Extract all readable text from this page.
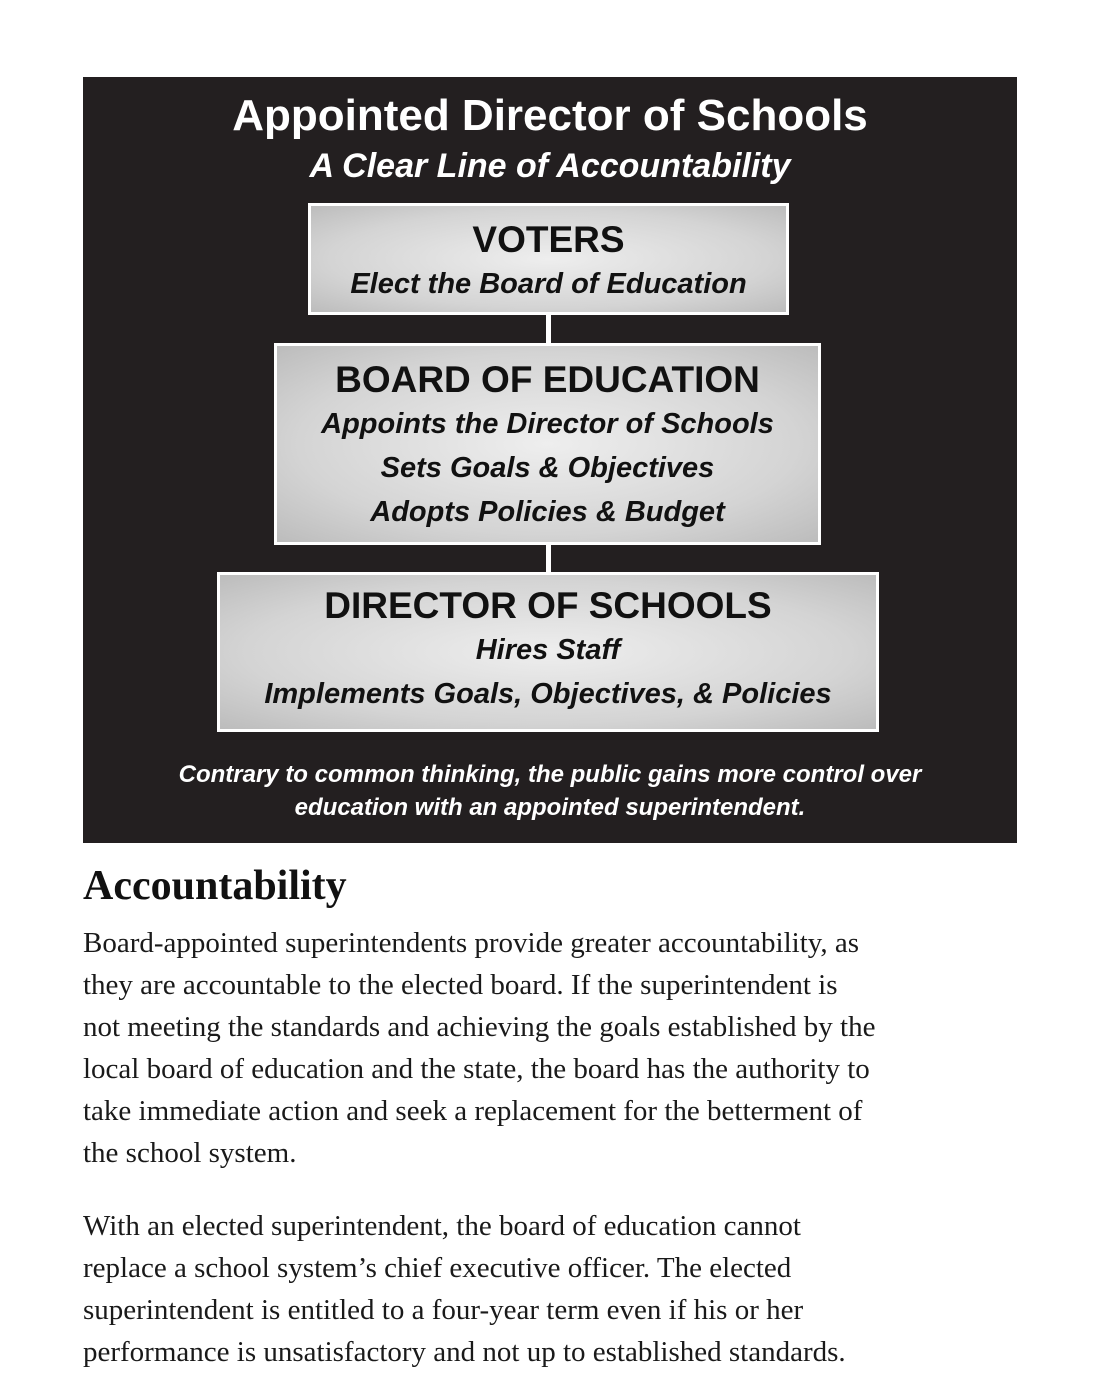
Appointed Director of Schools
A Clear Line of Accountability
VOTERS
Elect the Board of Education
BOARD OF EDUCATION
Appoints the Director of Schools
Sets Goals & Objectives
Adopts Policies & Budget
DIRECTOR OF SCHOOLS
Hires Staff
Implements Goals, Objectives, & Policies
Contrary to common thinking, the public gains more control over
education with an appointed superintendent.
Accountability

Board-appointed superintendents provide greater accountability, as
they are accountable to the elected board. If the superintendent is
not meeting the standards and achieving the goals established by the
local board of education and the state, the board has the authority to
take immediate action and seek a replacement for the betterment of
the school system.

With an elected superintendent, the board of education cannot
replace a school system’s chief executive officer. The elected
superintendent is entitled to a four-year term even if his or her
performance is unsatisfactory and not up to established standards.
